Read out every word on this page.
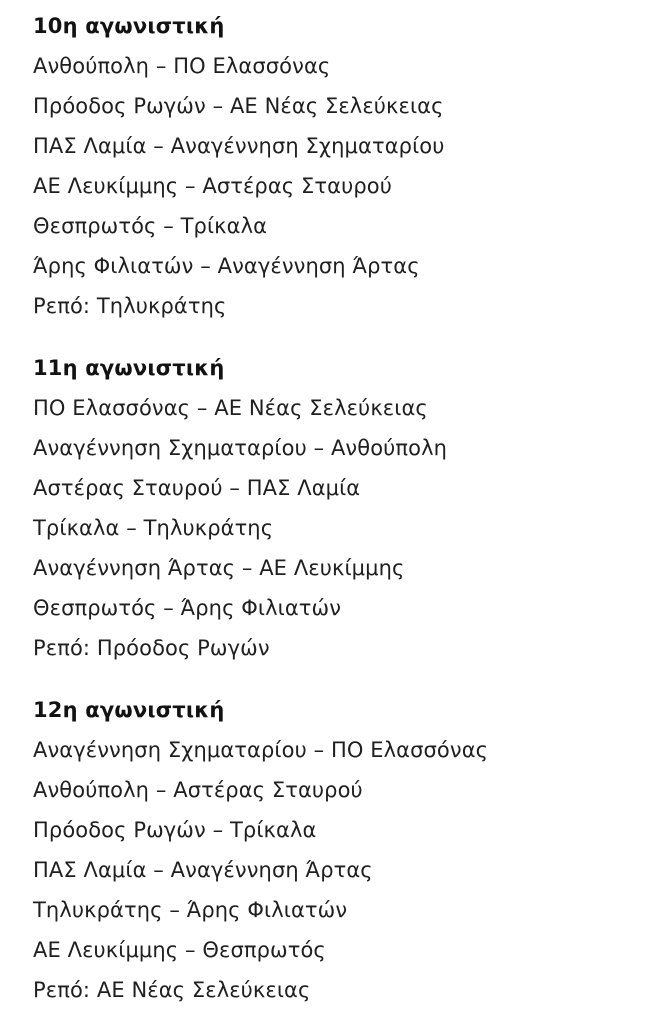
10η αγωνιστική
Ανθούπολη – ΠΟ Ελασσόνας
Πρόοδος Ρωγών – ΑΕ Νέας Σελεύκειας
ΠΑΣ Λαμία – Αναγέννηση Σχηματαρίου
ΑΕ Λευκίμμης – Αστέρας Σταυρού
Θεσπρωτός – Τρίκαλα
Άρης Φιλιατών – Αναγέννηση Άρτας
Ρεπό: Τηλυκράτης
11η αγωνιστική
ΠΟ Ελασσόνας – ΑΕ Νέας Σελεύκειας
Αναγέννηση Σχηματαρίου – Ανθούπολη
Αστέρας Σταυρού – ΠΑΣ Λαμία
Τρίκαλα – Τηλυκράτης
Αναγέννηση Άρτας – ΑΕ Λευκίμμης
Θεσπρωτός – Άρης Φιλιατών
Ρεπό: Πρόοδος Ρωγών
12η αγωνιστική
Αναγέννηση Σχηματαρίου – ΠΟ Ελασσόνας
Ανθούπολη – Αστέρας Σταυρού
Πρόοδος Ρωγών – Τρίκαλα
ΠΑΣ Λαμία – Αναγέννηση Άρτας
Τηλυκράτης – Άρης Φιλιατών
ΑΕ Λευκίμμης – Θεσπρωτός
Ρεπό: ΑΕ Νέας Σελεύκειας
